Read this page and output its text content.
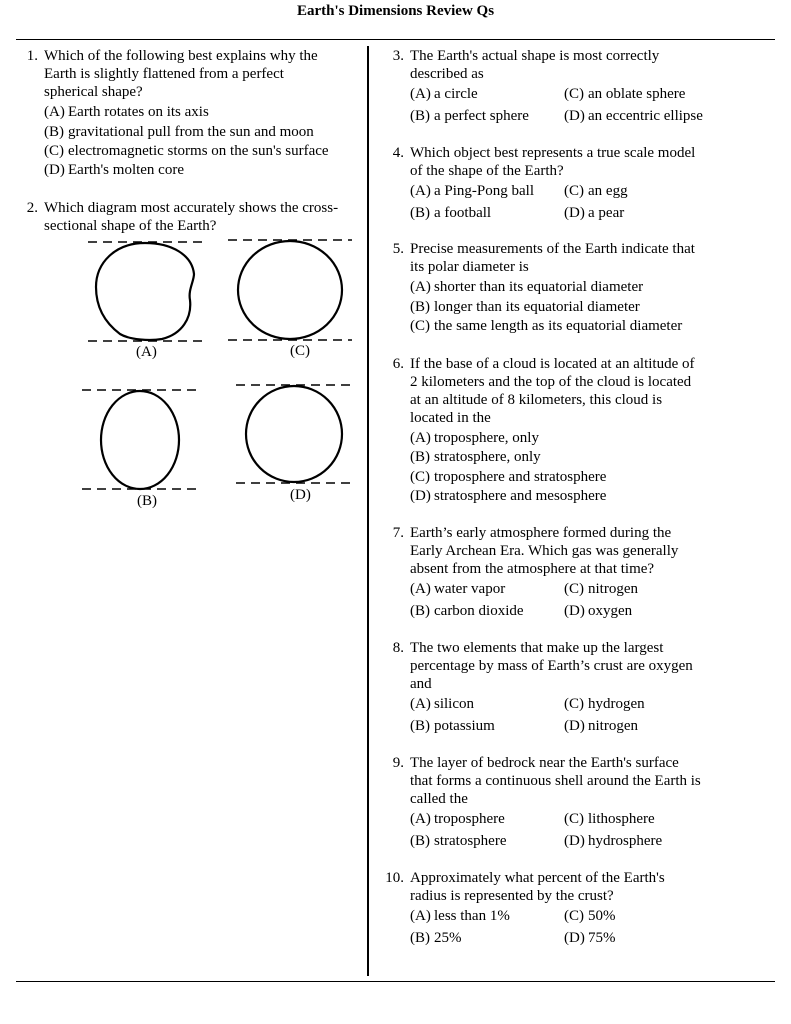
Earth's Dimensions Review Qs
1. Which of the following best explains why the
Earth is slightly flattened from a perfect
spherical shape?
(A) Earth rotates on its axis
(B) gravitational pull from the sun and moon
(C) electromagnetic storms on the sun's surface
(D) Earth's molten core
2. Which diagram most accurately shows the cross-
sectional shape of the Earth?
(A)	(C)
(B)	(D)
3. The Earth's actual shape is most correctly
described as
(A) a circle	(C) an oblate sphere
(B) a perfect sphere (D) an eccentric ellipse
4. Which object best represents a true scale model
of the shape of the Earth?
(A) a Ping-Pong ball (C) an egg
(B) a football	(D) a pear
5. Precise measurements of the Earth indicate that
its polar diameter is
(A) shorter than its equatorial diameter
(B) longer than its equatorial diameter
(C) the same length as its equatorial diameter
6. If the base of a cloud is located at an altitude of
2 kilometers and the top of the cloud is located
at an altitude of 8 kilometers, this cloud is
located in the
(A) troposphere, only
(B) stratosphere, only
(C) troposphere and stratosphere
(D) stratosphere and mesosphere
7. Earth’s early atmosphere formed during the
Early Archean Era. Which gas was generally
absent from the atmosphere at that time?
(A) water vapor	(C) nitrogen
(B) carbon dioxide	(D) oxygen
8. The two elements that make up the largest
percentage by mass of Earth’s crust are oxygen
and
(A) silicon	(C) hydrogen
(B) potassium	(D) nitrogen
9. The layer of bedrock near the Earth's surface
that forms a continuous shell around the Earth is
called the
(A) troposphere	(C) lithosphere
(B) stratosphere	(D) hydrosphere
10. Approximately what percent of the Earth's
radius is represented by the crust?
(A) less than 1%	(C) 50%
(B) 25%	(D) 75%
